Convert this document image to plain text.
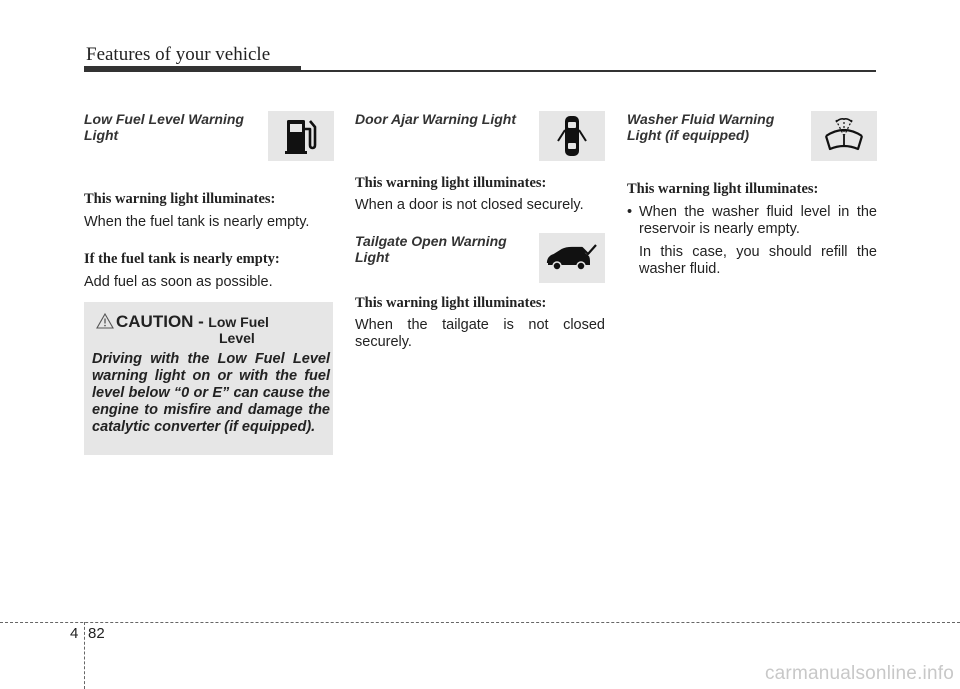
Features of your vehicle
Low Fuel Level Warning Light

This warning light illuminates:

When the fuel tank is nearly empty.

If the fuel tank is nearly empty:

Add fuel as soon as possible.

CAUTION - Low Fuel
Level
Driving with the Low Fuel Level warning light on or with the fuel level below “0 or E” can cause the engine to misfire and damage the catalytic converter (if equipped).
Door Ajar Warning Light

This warning light illuminates:

When a door is not closed securely.

Tailgate Open Warning Light

This warning light illuminates:

When the tailgate is not closed securely.

Washer Fluid Warning Light (if equipped)

This warning light illuminates:

• When the washer fluid level in the reservoir is nearly empty.

In this case, you should refill the washer fluid.

4 82
carmanualsonline.info
